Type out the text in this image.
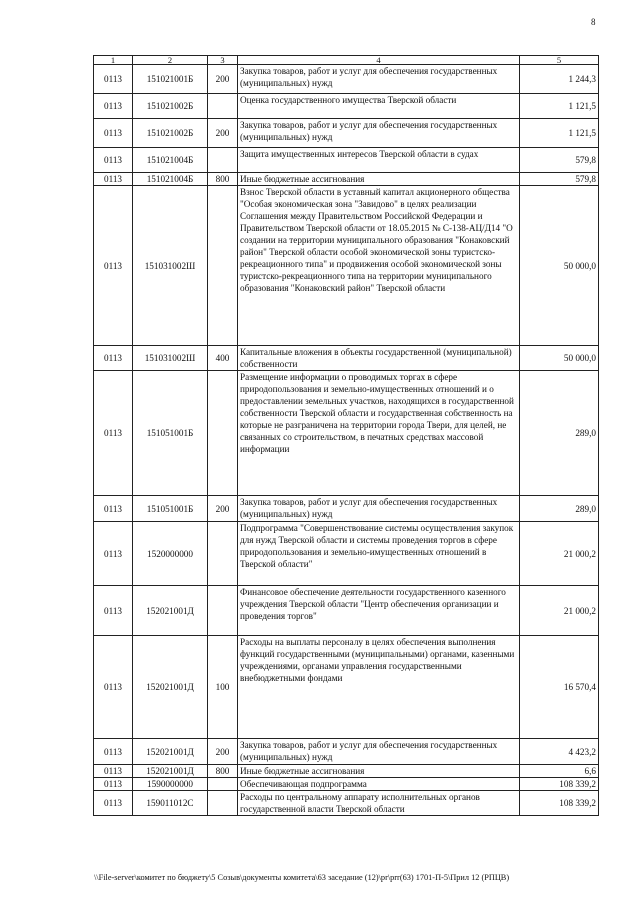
8
1	2	3	4	5
0113	151021001Б	200	Закупка товаров, работ и услуг для обеспечения государственных (муниципальных) нужд	1 244,3
0113	151021002Б		Оценка государственного имущества Тверской области	1 121,5
0113	151021002Б	200	Закупка товаров, работ и услуг для обеспечения государственных (муниципальных) нужд	1 121,5
0113	151021004Б		Защита имущественных интересов Тверской области в судах	579,8
0113	151021004Б	800	Иные бюджетные ассигнования	579,8
0113	151031002Ш		Взнос Тверской области в уставный капитал акционерного общества "Особая экономическая зона "Завидово" в целях реализации Соглашения между Правительством Российской Федерации и Правительством Тверской области от 18.05.2015 № С-138-АЦ/Д14 "О создании на территории муниципального образования "Конаковский район" Тверской области особой экономической зоны туристско-рекреационного типа" и продвижения особой экономической зоны туристско-рекреационного типа на территории муниципального образования "Конаковский район" Тверской области	50 000,0
0113	151031002Ш	400	Капитальные вложения в объекты государственной (муниципальной) собственности	50 000,0
0113	151051001Б		Размещение информации о проводимых торгах в сфере природопользования и земельно-имущественных отношений и о предоставлении земельных участков, находящихся в государственной собственности Тверской области и государственная собственность на которые не разграничена на территории города Твери, для целей, не связанных со строительством, в печатных средствах массовой информации	289,0
0113	151051001Б	200	Закупка товаров, работ и услуг для обеспечения государственных (муниципальных) нужд	289,0
0113	1520000000		Подпрограмма "Совершенствование системы осуществления закупок для нужд Тверской области и системы проведения торгов в сфере природопользования и земельно-имущественных отношений в Тверской области"	21 000,2
0113	152021001Д		Финансовое обеспечение деятельности государственного казенного учреждения Тверской области "Центр обеспечения организации и проведения торгов"	21 000,2
0113	152021001Д	100	Расходы на выплаты персоналу в целях обеспечения выполнения функций государственными (муниципальными) органами, казенными учреждениями, органами управления государственными внебюджетными фондами	16 570,4
0113	152021001Д	200	Закупка товаров, работ и услуг для обеспечения государственных (муниципальных) нужд	4 423,2
0113	152021001Д	800	Иные бюджетные ассигнования	6,6
0113	1590000000		Обеспечивающая подпрограмма	108 339,2
0113	159011012С		Расходы по центральному аппарату исполнительных органов государственной власти Тверской области	108 339,2
\\File-server\комитет по бюджету\5 Созыв\документы комитета\63 заседание (12)\pr\prr(63) 1701-П-5\Прил 12 (РПЦВ)
